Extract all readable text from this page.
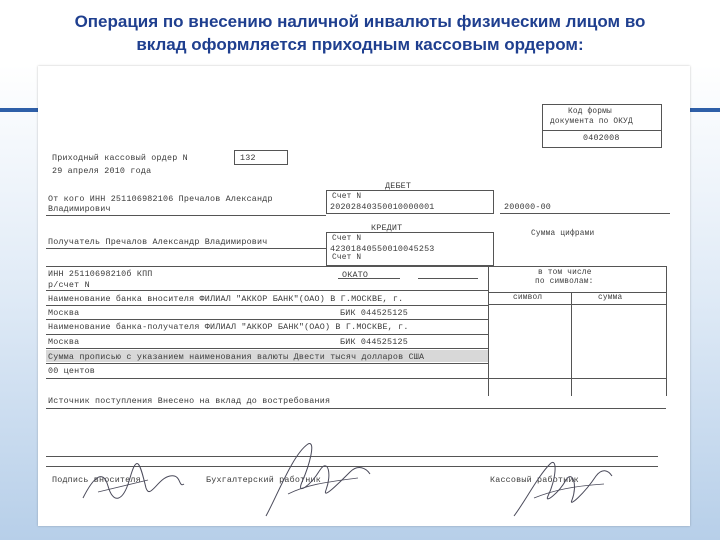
Операция по внесению наличной инвалюты физическим лицом во
вклад оформляется приходным кассовым ордером:
Код формы
документа по ОКУД
0402008
Приходный кассовый ордер N	132
29 апреля 2010 года
ДЕБЕТ
КРЕДИТ
От кого ИНН 251106982106 Пречалов Александр
Владимирович
Счет N
20202840350010000001	200000-00
Сумма цифрами
Получатель Пречалов Александр Владимирович	Счет N
42301840550010045253
Счет N
ИНН 25110698210б КПП	ОКАТО	в том числе
по символам:
р/счет N
Наименование банка вносителя ФИЛИАЛ "АККОР БАНК"(ОАО) В Г.МОСКВЕ, г.	символ	сумма
Москва	БИК 044525125
Наименование банка-получателя ФИЛИАЛ "АККОР БАНК"(ОАО) В Г.МОСКВЕ, г.
Москва	БИК 044525125
Сумма прописью с указанием наименования валюты Двести тысяч долларов США
00 центов
Источник поступления Внесено на вклад до востребования
Подпись вносителя	Бухгалтерский работник	Кассовый работник
